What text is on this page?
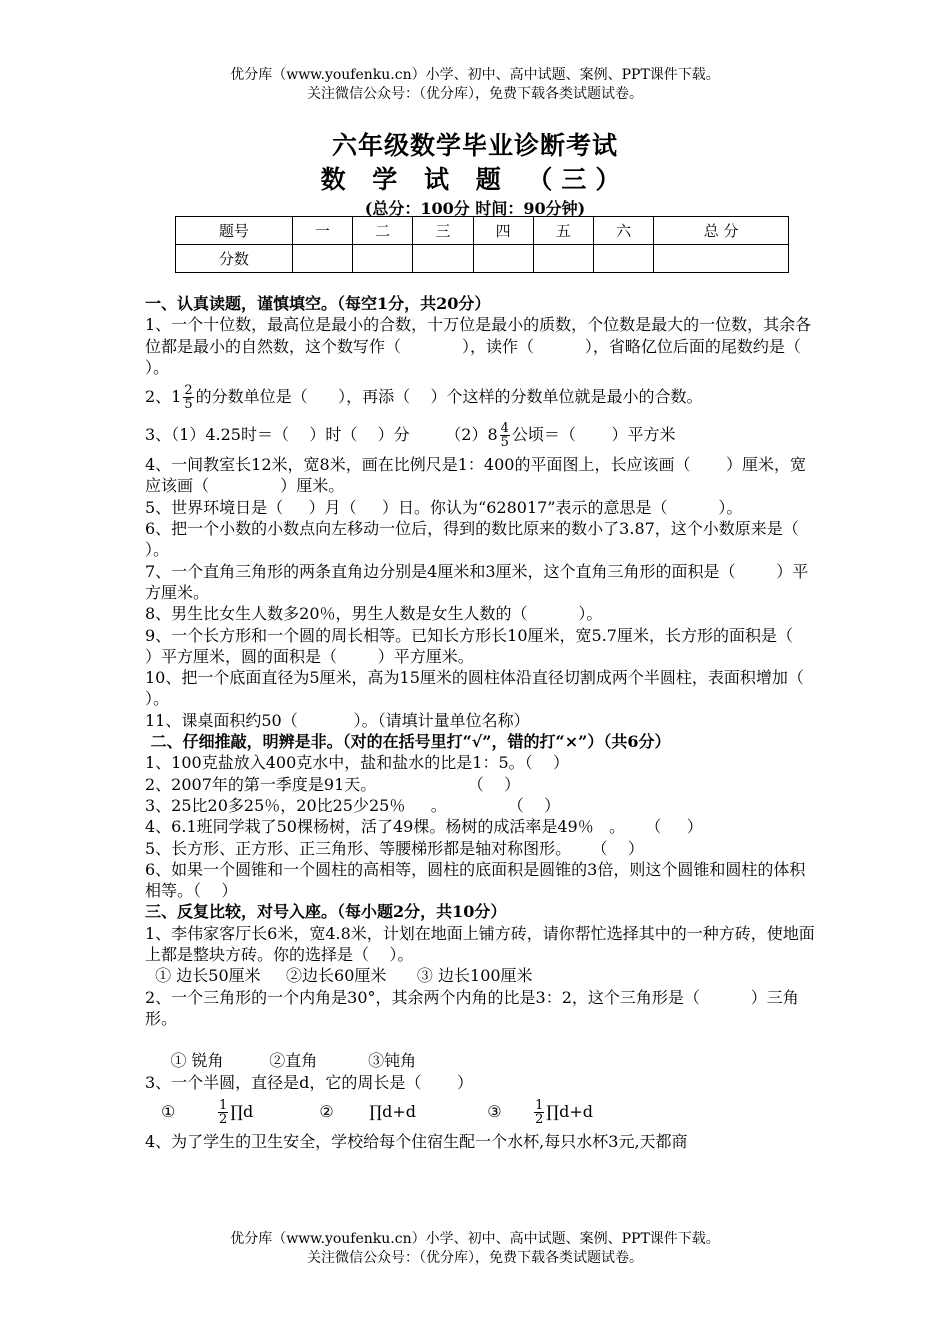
优分库（www.youfenku.cn）小学、初中、高中试题、案例、PPT课件下载。
关注微信公众号：（优分库），免费下载各类试题试卷。
六年级数学毕业诊断考试
数 学 试 题 （三）
(总分：100分 时间：90分钟)
题号	一	二	三	四	五	六	总 分
分数							

一、认真读题，谨慎填空。（每空1分，共20分）

1、一个十位数，最高位是最小的合数，十万位是最小的质数，个位数是最大的一位数，其余各位都是最小的自然数，这个数写作（            ），读作（          ），省略亿位后面的尾数约是（        ）。

2、$1 \frac{2}{5}$ 的分数单位是（      ），再添（    ）个这样的分数单位就是最小的合数。

3、（1）4.25时＝（    ）时（    ）分       $(2)8 \frac{4}{5}$ 公顷＝（       ）平方米

4、一间教室长12米，宽8米，画在比例尺是1：400的平面图上，长应该画（       ）厘米，宽应该画（              ）厘米。

5、世界环境日是（     ）月（     ）日。你认为“628017”表示的意思是（          ）。

6、把一个小数的小数点向左移动一位后，得到的数比原来的数小了3.87，这个小数原来是（       ）。

7、一个直角三角形的两条直角边分别是4厘米和3厘米，这个直角三角形的面积是（        ）平方厘米。

8、男生比女生人数多20％，男生人数是女生人数的（          ）。

9、一个长方形和一个圆的周长相等。已知长方形长10厘米，宽5.7厘米，长方形的面积是（        ）平方厘米，圆的面积是（        ）平方厘米。

10、把一个底面直径为5厘米，高为15厘米的圆柱体沿直径切割成两个半圆柱，表面积增加（               ）。

11、课桌面积约50（           ）。（请填计量单位名称）

二、仔细推敲，明辨是非。（对的在括号里打“√”，错的打“×”）（共6分）

1、100克盐放入400克水中，盐和盐水的比是1：5。（    ）

2、2007年的第一季度是91天。                  （    ）

3、25比20多25％，20比25少25％     。            （    ）

4、6.1班同学栽了50棵杨树，活了49棵。杨树的成活率是49％   。    （     ）

5、长方形、正方形、正三角形、等腰梯形都是轴对称图形。    （    ）

6、如果一个圆锥和一个圆柱的高相等，圆柱的底面积是圆锥的3倍，则这个圆锥和圆柱的体积相等。（    ）

三、反复比较，对号入座。（每小题2分，共10分）

1、李伟家客厅长6米，宽4.8米，计划在地面上铺方砖，请你帮忙选择其中的一种方砖，使地面上都是整块方砖。你的选择是（    ）。

① 边长50厘米     ②边长60厘米      ③ 边长100厘米

2、一个三角形的一个内角是30°，其余两个内角的比是3：2，这个三角形是（          ）三角形。

① 锐角         ②直角          ③钝角

3、一个半圆，直径是d，它的周长是（       ）

①	$\frac{1}{2}$ ∏d	②       ∏d+d	③	$\frac{1}{2}$ ∏d+d

4、为了学生的卫生安全，学校给每个住宿生配一个水杯,每只水杯3元,天都商

优分库（www.youfenku.cn）小学、初中、高中试题、案例、PPT课件下载。
关注微信公众号：（优分库），免费下载各类试题试卷。
